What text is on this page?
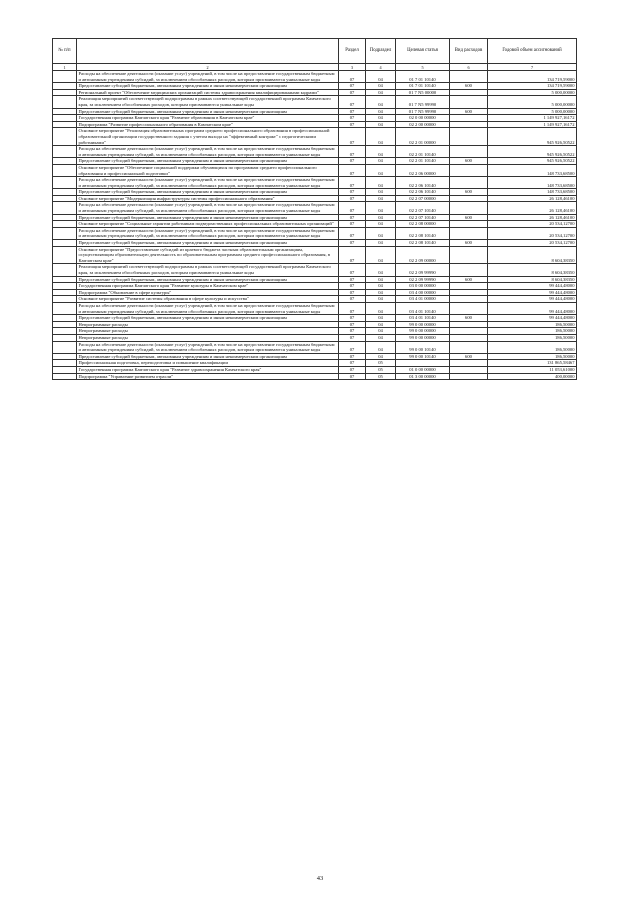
№ п/п		Раздел	Подраздел	Целевая статья	Вид расходов	Годовой объем ассигнований
1	2	3	4	5	6	7
	Расходы на обеспечение деятельности (оказание услуг) учреждений, в том числе на предоставление государственным бюджетным и автономным учреждениям субсидий, за исключением обособленных расходов, которым присваиваются уникальные коды	07	04	01 7 01 10140		134 719,59000
	Предоставление субсидий бюджетным, автономным учреждениям и иным некоммерческим организациям	07	04	01 7 01 10140	600	134 719,59000
	Региональный проект "Обеспечение медицинских организаций системы здравоохранения квалифицированными кадрами"	07	04	01 7 N5 00000		5 000,00000
	Реализация мероприятий соответствующей подпрограммы в рамках соответствующей государственной программы Камчатского края, за исключением обособленных расходов, которым присваиваются уникальные коды	07	04	01 7 N5 99990		5 000,00000
	Предоставление субсидий бюджетным, автономным учреждениям и иным некоммерческим организациям	07	04	01 7 N5 99990	600	5 000,00000
	Государственная программа Камчатского края "Развитие образования в Камчатском крае"	07	04	02 0 00 00000		1 149 927,16172
	Подпрограмма "Развитие профессионального образования в Камчатском крае"	07	04	02 2 00 00000		1 149 927,16172
	Основное мероприятие "Реализация образовательных программ среднего профессионального образования в профессиональной образовательной организации государственного задания с учетом выхода на "эффективный контракт" с педагогическими работниками"	07	04	02 2 01 00000		945 926,50522
	Расходы на обеспечение деятельности (оказание услуг) учреждений, в том числе на предоставление государственным бюджетным и автономным учреждениям субсидий, за исключением обособленных расходов, которым присваиваются уникальные коды	07	04	02 2 01 10140		945 926,50522
	Предоставление субсидий бюджетным, автономным учреждениям и иным некоммерческим организациям	07	04	02 2 01 10140	600	945 926,50522
	Основное мероприятие "Обеспечение социальной поддержки обучающихся по программам среднего профессионального образования и профессиональной подготовки"	07	04	02 2 06 00000		148 733,68500
	Расходы на обеспечение деятельности (оказание услуг) учреждений, в том числе на предоставление государственным бюджетным и автономным учреждениям субсидий, за исключением обособленных расходов, которым присваиваются уникальные коды	07	04	02 2 06 10140		148 733,68500
	Предоставление субсидий бюджетным, автономным учреждениям и иным некоммерческим организациям	07	04	02 2 06 10140	600	148 733,68500
	Основное мероприятие "Модернизация инфраструктуры системы профессионального образования"	07	04	02 2 07 00000		26 128,46100
	Расходы на обеспечение деятельности (оказание услуг) учреждений, в том числе на предоставление государственным бюджетным и автономным учреждениям субсидий, за исключением обособленных расходов, которым присваиваются уникальные коды	07	04	02 2 07 10140		26 128,46100
	Предоставление субсидий бюджетным, автономным учреждениям и иным некоммерческим организациям	07	04	02 2 07 10140	600	26 128,46100
	Основное мероприятие "Социальные гарантии работникам подведомственных профессиональных образовательных организаций"	07	04	02 2 08 00000		20 534,12700
	Расходы на обеспечение деятельности (оказание услуг) учреждений, в том числе на предоставление государственным бюджетным и автономным учреждениям субсидий, за исключением обособленных расходов, которым присваиваются уникальные коды	07	04	02 2 08 10140		20 534,12700
	Предоставление субсидий бюджетным, автономным учреждениям и иным некоммерческим организациям	07	04	02 2 08 10140	600	20 534,12700
	Основное мероприятие "Предоставление субсидий из краевого бюджета частным образовательным организациям, осуществляющим образовательную деятельность по образовательным программам среднего профессионального образования, в Камчатском крае"	07	04	02 2 09 00000		8 604,38350
	Реализация мероприятий соответствующей подпрограммы в рамках соответствующей государственной программы Камчатского края, за исключением обособленных расходов, которым присваиваются уникальные коды	07	04	02 2 09 99990		8 604,38350
	Предоставление субсидий бюджетным, автономным учреждениям и иным некоммерческим организациям	07	04	02 2 09 99990	600	8 604,38350
	Государственная программа Камчатского края "Развитие культуры в Камчатском крае"	07	04	03 0 00 00000		99 444,48000
	Подпрограмма "Обновление в сфере культуры"	07	04	03 4 00 00000		99 444,48000
	Основное мероприятие "Развитие системы образования в сфере культуры и искусства"	07	04	03 4 01 00000		99 444,48000
	Расходы на обеспечение деятельности (оказание услуг) учреждений, в том числе на предоставление государственным бюджетным и автономным учреждениям субсидий, за исключением обособленных расходов, которым присваиваются уникальные коды	07	04	03 4 01 10140		99 444,48000
	Предоставление субсидий бюджетным, автономным учреждениям и иным некоммерческим организациям	07	04	03 4 01 10140	600	99 444,48000
	Непрограммные расходы	07	04	99 0 00 00000		186,50000
	Непрограммные расходы	07	04	99 0 00 00000		186,50000
	Непрограммные расходы	07	04	99 0 00 00000		186,50000
	Расходы на обеспечение деятельности (оказание услуг) учреждений, в том числе на предоставление государственным бюджетным и автономным учреждениям субсидий, за исключением обособленных расходов, которым присваиваются уникальные коды	07	04	99 0 00 10140		186,50000
	Предоставление субсидий бюджетным, автономным учреждениям и иным некоммерческим организациям	07	04	99 0 00 10140	600	186,50000
	Профессиональная подготовка, переподготовка и повышение квалификации	07	05			131 865,58467
	Государственная программа Камчатского края "Развитие здравоохранения Камчатского края"	07	05	01 0 00 00000		11 053,61000
	Подпрограмма "Управление развитием отрасли"	07	05	01 3 00 00000		400,00000
43
